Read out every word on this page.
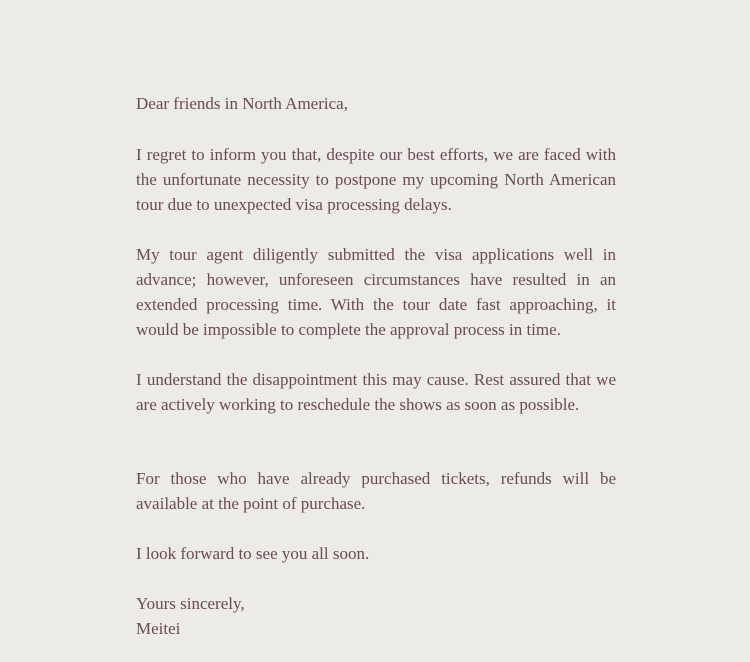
Dear friends in North America,

I regret to inform you that, despite our best efforts, we are faced with the unfortunate necessity to postpone my upcoming North American tour due to unexpected visa processing delays.

My tour agent diligently submitted the visa applications well in advance; however, unforeseen circumstances have resulted in an extended processing time. With the tour date fast approaching, it would be impossible to complete the approval process in time.

I understand the disappointment this may cause. Rest assured that we are actively working to reschedule the shows as soon as possible.

For those who have already purchased tickets, refunds will be available at the point of purchase.

I look forward to see you all soon.

Yours sincerely,

Meitei
